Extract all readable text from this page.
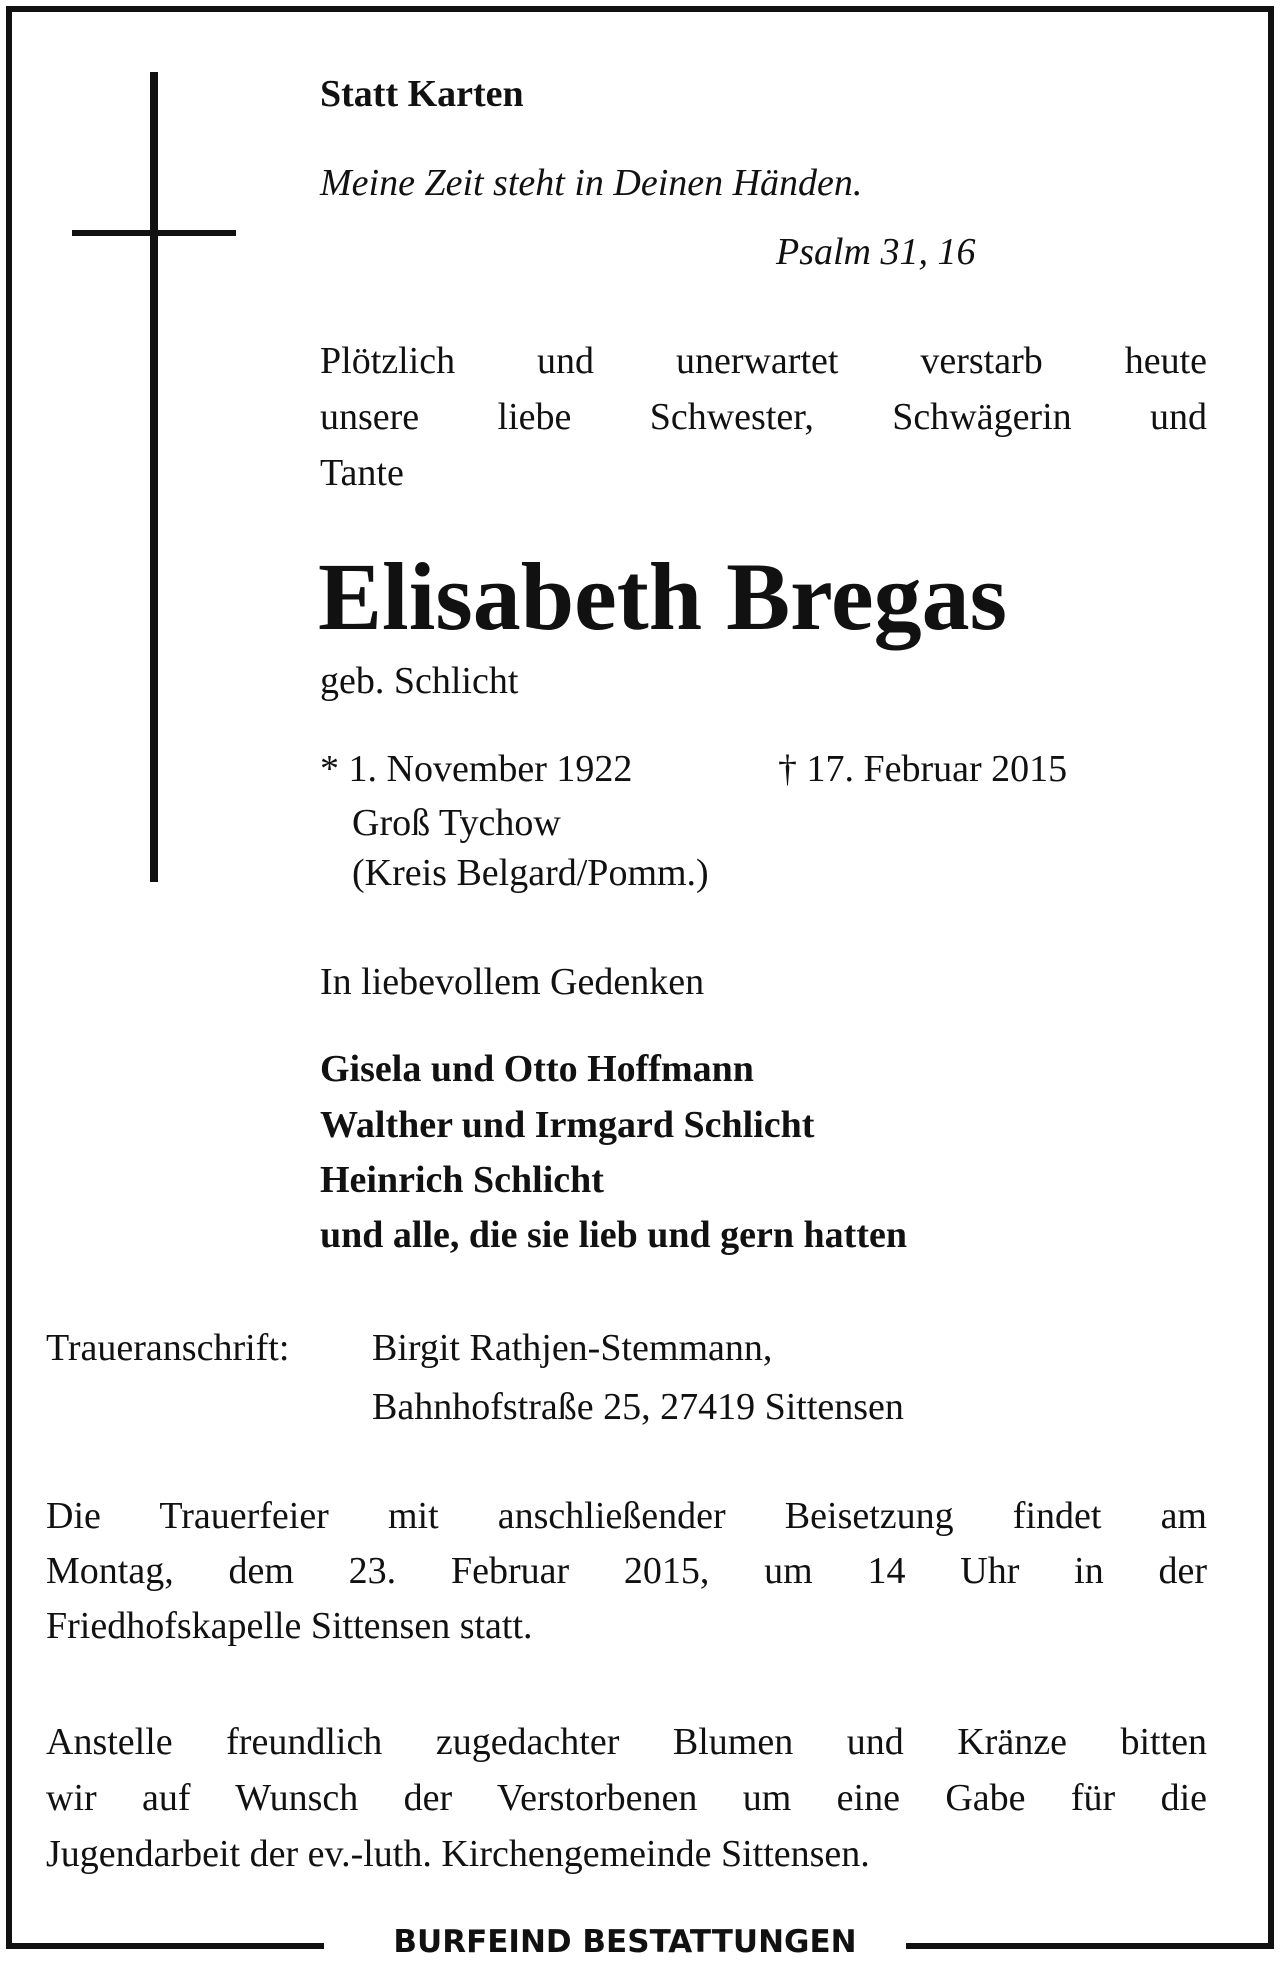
Statt Karten
Meine Zeit steht in Deinen Händen.
Psalm 31, 16
Plötzlich und unerwartet verstarb heute
unsere liebe Schwester, Schwägerin und
Tante
Elisabeth Bregas
geb. Schlicht
* 1. November 1922	† 17. Februar 2015
Groß Tychow
(Kreis Belgard/Pomm.)
In liebevollem Gedenken
Gisela und Otto Hoffmann
Walther und Irmgard Schlicht
Heinrich Schlicht
und alle, die sie lieb und gern hatten
Traueranschrift: Birgit Rathjen-Stemmann,
Bahnhofstraße 25, 27419 Sittensen
Die Trauerfeier mit anschließender Beisetzung findet am
Montag, dem 23. Februar 2015, um 14 Uhr in der
Friedhofskapelle Sittensen statt.
Anstelle freundlich zugedachter Blumen und Kränze bitten
wir auf Wunsch der Verstorbenen um eine Gabe für die
Jugendarbeit der ev.-luth. Kirchengemeinde Sittensen.
BURFEIND BESTATTUNGEN
